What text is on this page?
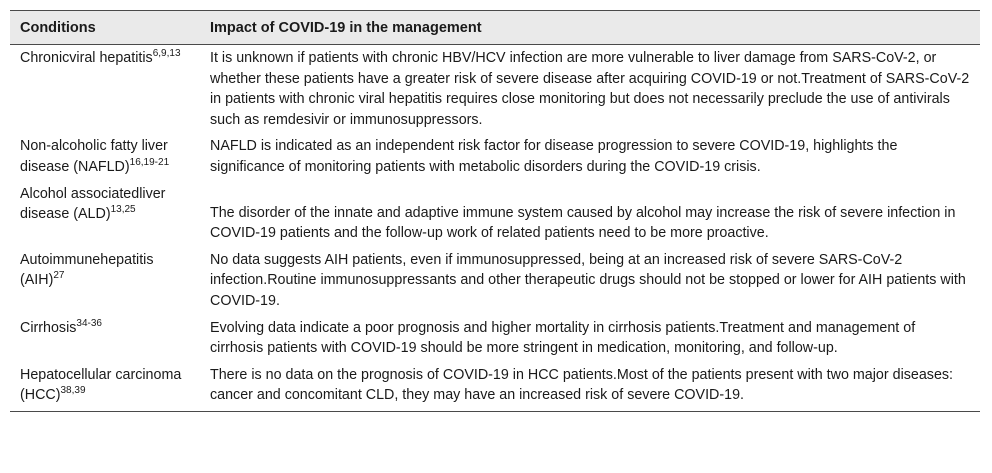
Conditions	Impact of COVID-19 in the management
Chronicviral hepatitis$^{6,9,13}$	It is unknown if patients with chronic HBV/HCV infection are more vulnerable to liver damage from SARS-CoV-2, or whether these patients have a greater risk of severe disease after acquiring COVID-19 or not.Treatment of SARS-CoV-2 in patients with chronic viral hepatitis requires close monitoring but does not necessarily preclude the use of antivirals such as remdesivir or immunosuppressors.
Non-alcoholic fatty liver disease (NAFLD)$^{16,19-21}$	NAFLD is indicated as an independent risk factor for disease progression to severe COVID-19, highlights the significance of monitoring patients with metabolic disorders during the COVID-19 crisis.
Alcohol associatedliver disease (ALD)$^{13,25}$	The disorder of the innate and adaptive immune system caused by alcohol may increase the risk of severe infection in COVID-19 patients and the follow-up work of related patients need to be more proactive.
Autoimmunehepatitis (AIH)$^{27}$	No data suggests AIH patients, even if immunosuppressed, being at an increased risk of severe SARS-CoV-2 infection.Routine immunosuppressants and other therapeutic drugs should not be stopped or lower for AIH patients with COVID-19.
Cirrhosis$^{34-36}$	Evolving data indicate a poor prognosis and higher mortality in cirrhosis patients.Treatment and management of cirrhosis patients with COVID-19 should be more stringent in medication, monitoring, and follow-up.
Hepatocellular carcinoma (HCC)$^{38,39}$	There is no data on the prognosis of COVID-19 in HCC patients.Most of the patients present with two major diseases: cancer and concomitant CLD, they may have an increased risk of severe COVID-19.
